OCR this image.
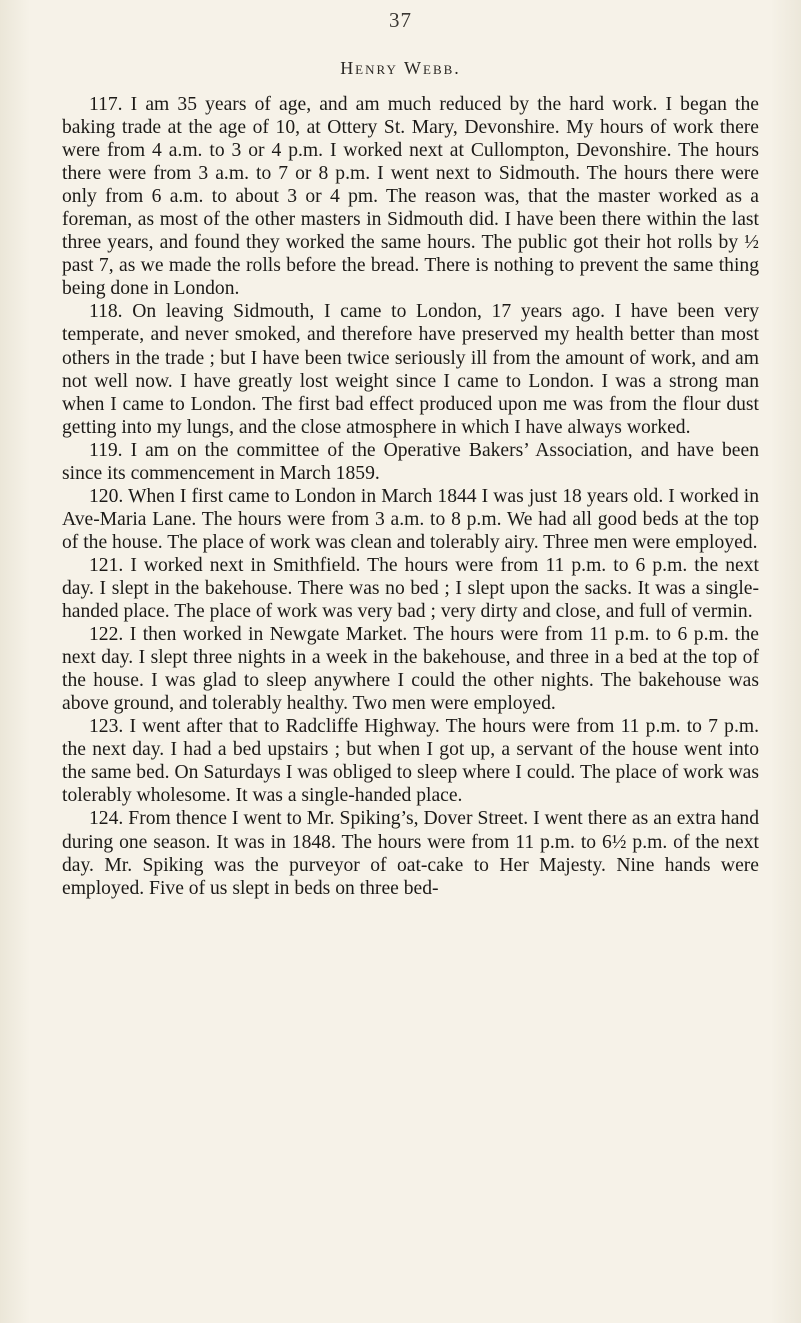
37
Henry Webb.

117. I am 35 years of age, and am much reduced by the hard work. I began the baking trade at the age of 10, at Ottery St. Mary, Devonshire. My hours of work there were from 4 a.m. to 3 or 4 p.m. I worked next at Cullompton, Devonshire. The hours there were from 3 a.m. to 7 or 8 p.m. I went next to Sidmouth. The hours there were only from 6 a.m. to about 3 or 4 pm. The reason was, that the master worked as a foreman, as most of the other masters in Sidmouth did. I have been there within the last three years, and found they worked the same hours. The public got their hot rolls by ½ past 7, as we made the rolls before the bread. There is nothing to prevent the same thing being done in London.

118. On leaving Sidmouth, I came to London, 17 years ago. I have been very temperate, and never smoked, and therefore have preserved my health better than most others in the trade ; but I have been twice seriously ill from the amount of work, and am not well now. I have greatly lost weight since I came to London. I was a strong man when I came to London. The first bad effect produced upon me was from the flour dust getting into my lungs, and the close atmosphere in which I have always worked.

119. I am on the committee of the Operative Bakers’ Association, and have been since its commencement in March 1859.

120. When I first came to London in March 1844 I was just 18 years old. I worked in Ave-Maria Lane. The hours were from 3 a.m. to 8 p.m. We had all good beds at the top of the house. The place of work was clean and tolerably airy. Three men were employed.

121. I worked next in Smithfield. The hours were from 11 p.m. to 6 p.m. the next day. I slept in the bakehouse. There was no bed ; I slept upon the sacks. It was a single-handed place. The place of work was very bad ; very dirty and close, and full of vermin.

122. I then worked in Newgate Market. The hours were from 11 p.m. to 6 p.m. the next day. I slept three nights in a week in the bakehouse, and three in a bed at the top of the house. I was glad to sleep anywhere I could the other nights. The bakehouse was above ground, and tolerably healthy. Two men were employed.

123. I went after that to Radcliffe Highway. The hours were from 11 p.m. to 7 p.m. the next day. I had a bed upstairs ; but when I got up, a servant of the house went into the same bed. On Saturdays I was obliged to sleep where I could. The place of work was tolerably wholesome. It was a single-handed place.

124. From thence I went to Mr. Spiking’s, Dover Street. I went there as an extra hand during one season. It was in 1848. The hours were from 11 p.m. to 6½ p.m. of the next day. Mr. Spiking was the purveyor of oat-cake to Her Majesty. Nine hands were employed. Five of us slept in beds on three bed-
